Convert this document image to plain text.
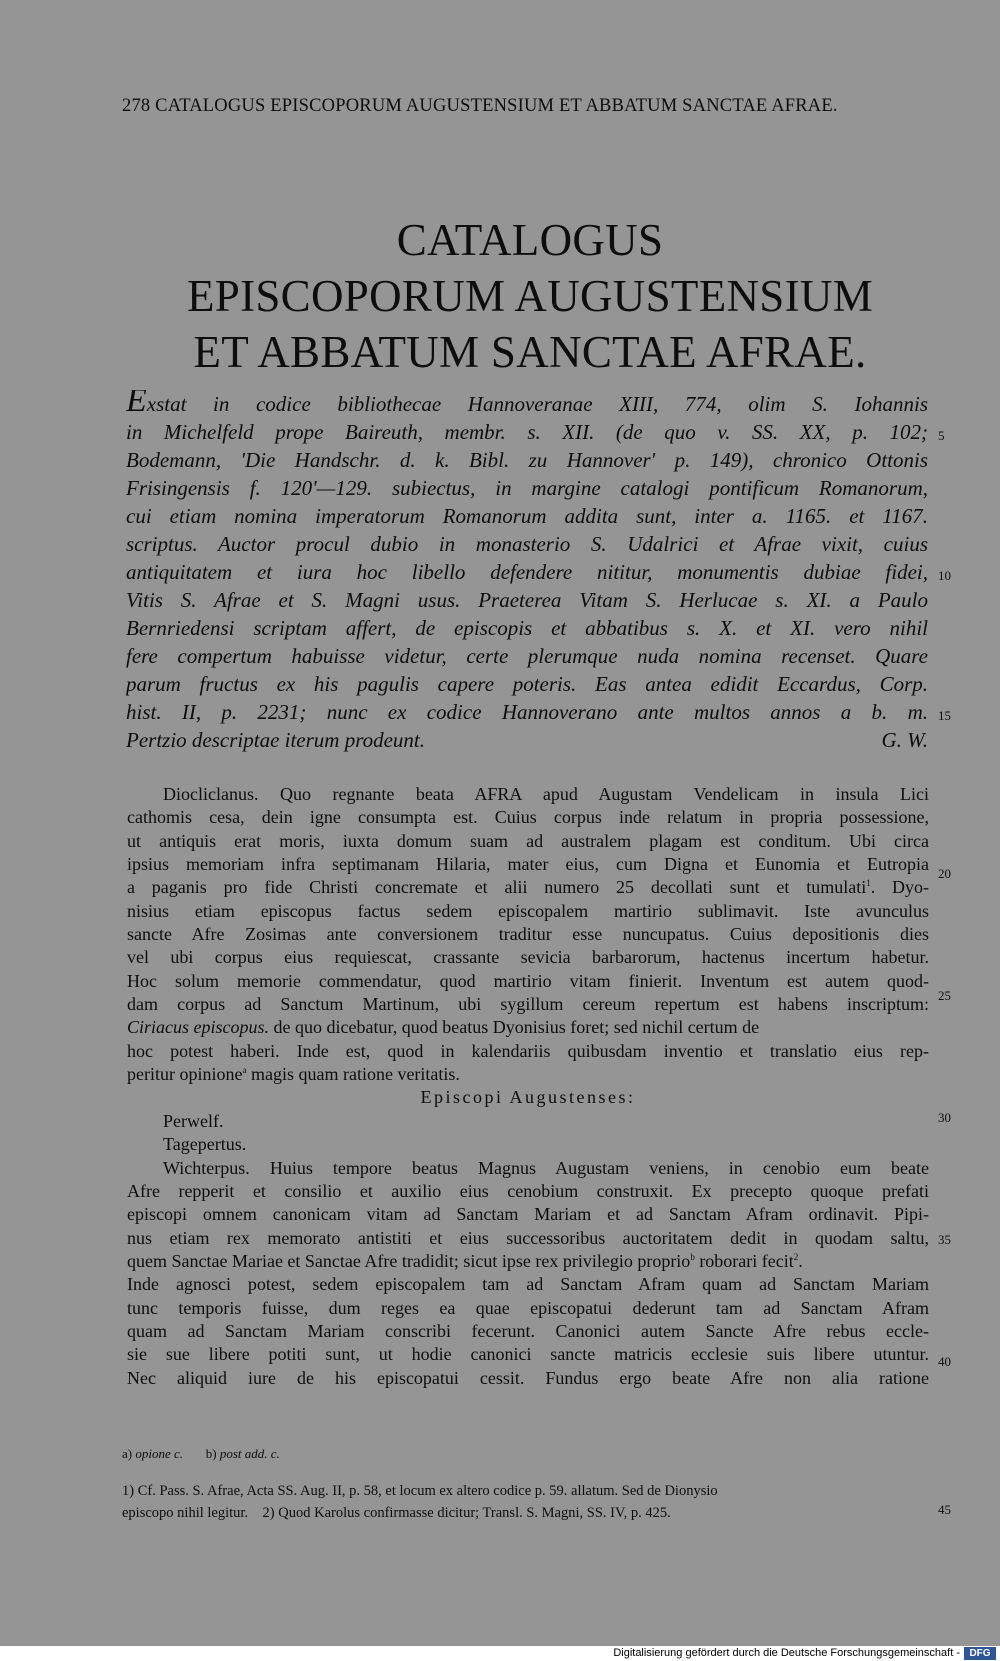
278 CATALOGUS EPISCOPORUM AUGUSTENSIUM ET ABBATUM SANCTAE AFRAE.
CATALOGUS
EPISCOPORUM AUGUSTENSIUM
ET ABBATUM SANCTAE AFRAE.
Exstat in codice bibliothecae Hannoveranae XIII, 774, olim S. Iohannis
in Michelfeld prope Baireuth, membr. s. XII. (de quo v. SS. XX, p. 102;
Bodemann, 'Die Handschr. d. k. Bibl. zu Hannover' p. 149), chronico Ottonis
Frisingensis f. 120'—129. subiectus, in margine catalogi pontificum Romanorum,
cui etiam nomina imperatorum Romanorum addita sunt, inter a. 1165. et 1167.
scriptus. Auctor procul dubio in monasterio S. Udalrici et Afrae vixit, cuius
antiquitatem et iura hoc libello defendere nititur, monumentis dubiae fidei,
Vitis S. Afrae et S. Magni usus. Praeterea Vitam S. Herlucae s. XI. a Paulo
Bernriedensi scriptam affert, de episcopis et abbatibus s. X. et XI. vero nihil
fere compertum habuisse videtur, certe plerumque nuda nomina recenset. Quare
parum fructus ex his pagulis capere poteris. Eas antea edidit Eccardus, Corp.
hist. II, p. 2231; nunc ex codice Hannoverano ante multos annos a b. m.
Pertzio descriptae iterum prodeunt.	G. W.
5
10
15
20
25
30
35
40
45
Diocliclanus. Quo regnante beata AFRA apud Augustam Vendelicam in insula Lici
cathomis cesa, dein igne consumpta est. Cuius corpus inde relatum in propria possessione,
ut antiquis erat moris, iuxta domum suam ad australem plagam est conditum. Ubi circa
ipsius memoriam infra septimanam Hilaria, mater eius, cum Digna et Eunomia et Eutropia
a paganis pro fide Christi concremate et alii numero 25 decollati sunt et tumulati$^1$. Dyo-
nisius etiam episcopus factus sedem episcopalem martirio sublimavit. Iste avunculus
sancte Afre Zosimas ante conversionem traditur esse nuncupatus. Cuius depositionis dies
vel ubi corpus eius requiescat, crassante sevicia barbarorum, hactenus incertum habetur.
Hoc solum memorie commendatur, quod martirio vitam finierit. Inventum est autem quod-
dam corpus ad Sanctum Martinum, ubi sygillum cereum repertum est habens inscriptum:
Ciriacus episcopus. de quo dicebatur, quod beatus Dyonisius foret; sed nichil certum de
hoc potest haberi. Inde est, quod in kalendariis quibusdam inventio et translatio eius rep-
peritur opinione$^a$ magis quam ratione veritatis.
Episcopi Augustenses:
Perwelf.
Tagepertus.
Wichterpus. Huius tempore beatus Magnus Augustam veniens, in cenobio eum beate
Afre repperit et consilio et auxilio eius cenobium construxit. Ex precepto quoque prefati
episcopi omnem canonicam vitam ad Sanctam Mariam et ad Sanctam Afram ordinavit. Pipi-
nus etiam rex memorato antistiti et eius successoribus auctoritatem dedit in quodam saltu,
quem Sanctae Mariae et Sanctae Afre tradidit; sicut ipse rex privilegio proprio$^b$ roborari fecit$^2$.
Inde agnosci potest, sedem episcopalem tam ad Sanctam Afram quam ad Sanctam Mariam
tunc temporis fuisse, dum reges ea quae episcopatui dederunt tam ad Sanctam Afram
quam ad Sanctam Mariam conscribi fecerunt. Canonici autem Sancte Afre rebus eccle-
sie sue libere potiti sunt, ut hodie canonici sancte matricis ecclesie suis libere utuntur.
Nec aliquid iure de his episcopatui cessit. Fundus ergo beate Afre non alia ratione
a) opione c. b) post add. c.
1) Cf. Pass. S. Afrae, Acta SS. Aug. II, p. 58, et locum ex altero codice p. 59. allatum. Sed de Dionysio
episcopo nihil legitur.    2) Quod Karolus confirmasse dicitur; Transl. S. Magni, SS. IV, p. 425.
Digitalisierung gefördert durch die Deutsche Forschungsgemeinschaft - DFG
